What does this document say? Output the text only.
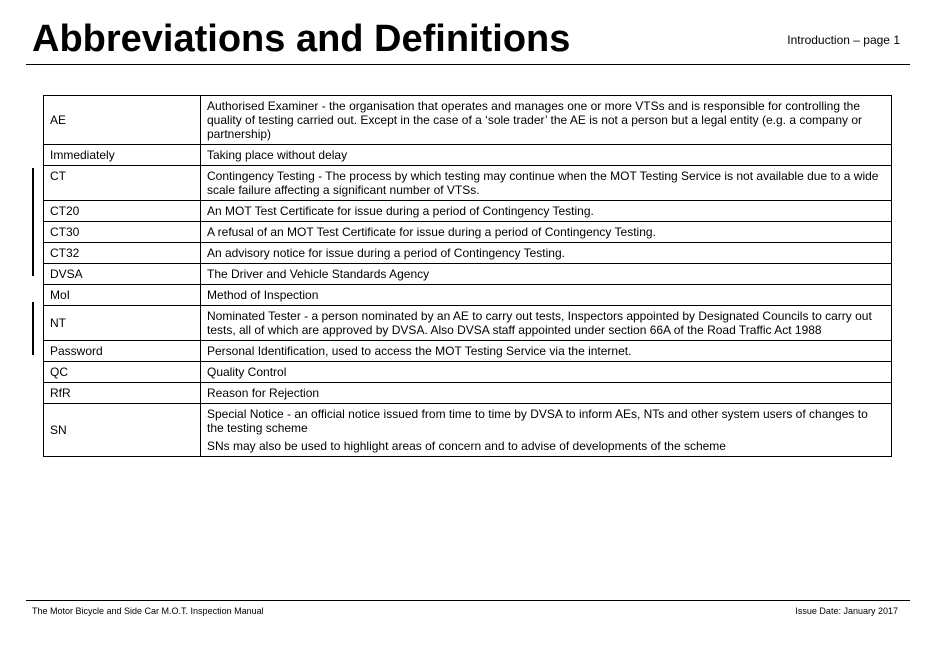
Abbreviations and Definitions	Introduction – page 1
AE	Authorised Examiner - the organisation that operates and manages one or more VTSs and is responsible for controlling the quality of testing carried out. Except in the case of a ‘sole trader’ the AE is not a person but a legal entity (e.g. a company or partnership)

Immediately	Taking place without delay

CT	Contingency Testing - The process by which testing may continue when the MOT Testing Service is not available due to a wide scale failure affecting a significant number of VTSs.

CT20	An MOT Test Certificate for issue during a period of Contingency Testing.

CT30	A refusal of an MOT Test Certificate for issue during a period of Contingency Testing.

CT32	An advisory notice for issue during a period of Contingency Testing.

DVSA	The Driver and Vehicle Standards Agency

MoI	Method of Inspection

NT	Nominated Tester - a person nominated by an AE to carry out tests, Inspectors appointed by Designated Councils to carry out tests, all of which are approved by DVSA. Also DVSA staff appointed under section 66A of the Road Traffic Act 1988

Password	Personal Identification, used to access the MOT Testing Service via the internet.

QC	Quality Control

RfR	Reason for Rejection

SN	Special Notice - an official notice issued from time to time by DVSA to inform AEs, NTs and other system users of changes to the testing scheme

SNs may also be used to highlight areas of concern and to advise of developments of the scheme

The Motor Bicycle and Side Car M.O.T. Inspection Manual	Issue Date: January 2017
